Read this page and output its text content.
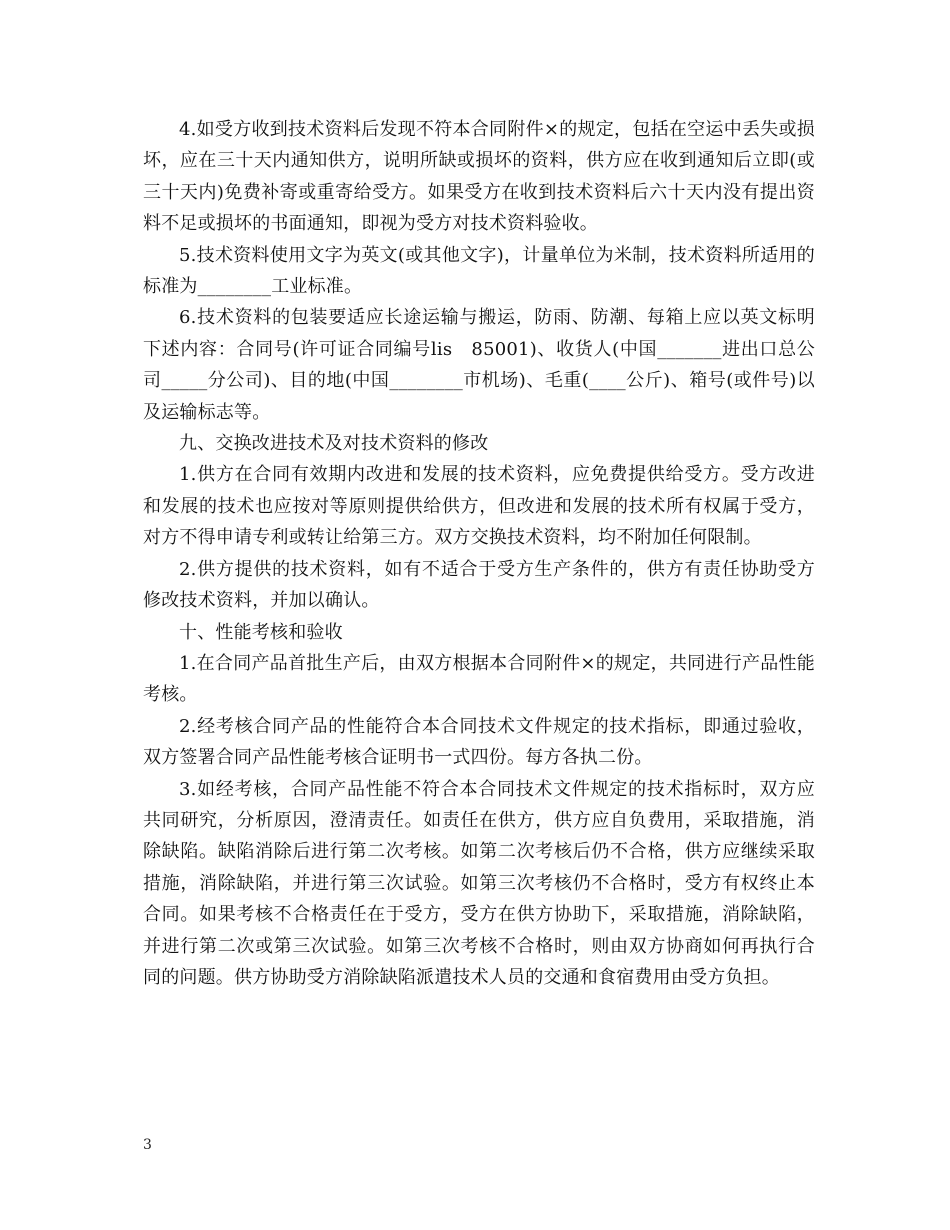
4.如受方收到技术资料后发现不符本合同附件×的规定，包括在空运中丢失或损坏，应在三十天内通知供方，说明所缺或损坏的资料，供方应在收到通知后立即(或三十天内)免费补寄或重寄给受方。如果受方在收到技术资料后六十天内没有提出资料不足或损坏的书面通知，即视为受方对技术资料验收。

5.技术资料使用文字为英文(或其他文字)，计量单位为米制，技术资料所适用的标准为________工业标准。

6.技术资料的包装要适应长途运输与搬运，防雨、防潮、每箱上应以英文标明下述内容：合同号(许可证合同编号lis　85001)、收货人(中国_______进出口总公司_____分公司)、目的地(中国________市机场)、毛重(____公斤)、箱号(或件号)以及运输标志等。

九、交换改进技术及对技术资料的修改

1.供方在合同有效期内改进和发展的技术资料，应免费提供给受方。受方改进和发展的技术也应按对等原则提供给供方，但改进和发展的技术所有权属于受方，对方不得申请专利或转让给第三方。双方交换技术资料，均不附加任何限制。

2.供方提供的技术资料，如有不适合于受方生产条件的，供方有责任协助受方修改技术资料，并加以确认。

十、性能考核和验收

1.在合同产品首批生产后，由双方根据本合同附件×的规定，共同进行产品性能考核。

2.经考核合同产品的性能符合本合同技术文件规定的技术指标，即通过验收，双方签署合同产品性能考核合证明书一式四份。每方各执二份。

3.如经考核，合同产品性能不符合本合同技术文件规定的技术指标时，双方应共同研究，分析原因，澄清责任。如责任在供方，供方应自负费用，采取措施，消除缺陷。缺陷消除后进行第二次考核。如第二次考核后仍不合格，供方应继续采取措施，消除缺陷，并进行第三次试验。如第三次考核仍不合格时，受方有权终止本合同。如果考核不合格责任在于受方，受方在供方协助下，采取措施，消除缺陷，并进行第二次或第三次试验。如第三次考核不合格时，则由双方协商如何再执行合同的问题。供方协助受方消除缺陷派遣技术人员的交通和食宿费用由受方负担。

3
